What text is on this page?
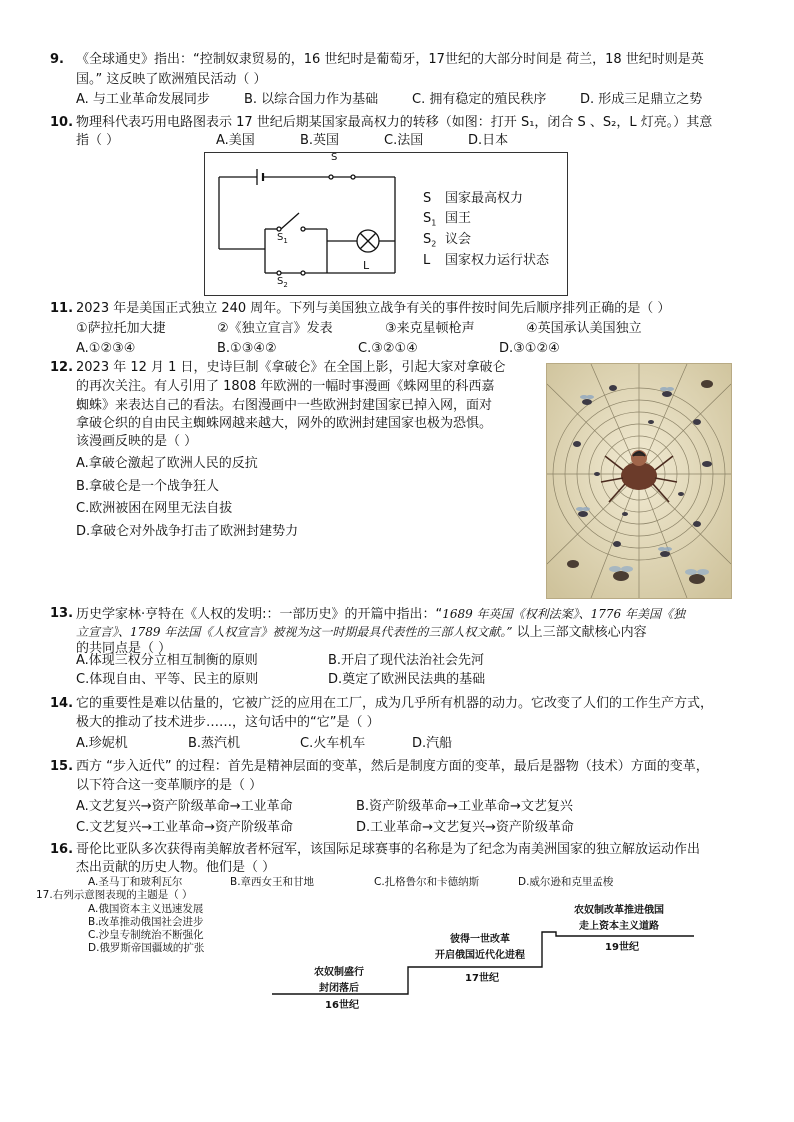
9. 《全球通史》指出：“控制奴隶贸易的，16 世纪时是葡萄牙，17世纪的大部分时间是 荷兰，18 世纪时则是英
国。” 这反映了欧洲殖民活动（ ）
A. 与工业革命发展同步	B. 以综合国力作为基础	C. 拥有稳定的殖民秩序	D. 形成三足鼎立之势
10. 物理科代表巧用电路图表示 17 世纪后期某国家最高权力的转移（如图：打开 S₁，闭合 S 、S₂，L 灯亮。）其意
指（ ）	A.美国	B.英国	C.法国	D.日本
S
$S_1$
$S_2$
L
S 国家最高权力
$S_1$ 国王
$S_2$ 议会
L 国家权力运行状态
11. 2023 年是美国正式独立 240 周年。下列与美国独立战争有关的事件按时间先后顺序排列正确的是（ ）
①萨拉托加大捷	②《独立宣言》发表	③来克星顿枪声	④英国承认美国独立
A.①②③④	B.①③④②	C.③②①④	D.③①②④
12. 2023 年 12 月 1 日，史诗巨制《拿破仑》在全国上影，引起大家对拿破仑
的再次关注。有人引用了 1808 年欧洲的一幅时事漫画《蛛网里的科西嘉
蜘蛛》来表达自己的看法。右图漫画中一些欧洲封建国家已掉入网，面对
拿破仑织的自由民主蜘蛛网越来越大，网外的欧洲封建国家也极为恐惧。
该漫画反映的是（ ）
A.拿破仑激起了欧洲人民的反抗
B.拿破仑是一个战争狂人
C.欧洲被困在网里无法自拔
D.拿破仑对外战争打击了欧洲封建势力
13. 历史学家林·亨特在《人权的发明:：一部历史》的开篇中指出：“1689 年英国《权利法案》、1776 年美国《独
立宣言》、1789 年法国《人权宣言》被视为这一时期最具代表性的三部人权文献。” 以上三部文献核心内容
的共同点是（ ）
A.体现三权分立相互制衡的原则	B.开启了现代法治社会先河
C.体现自由、平等、民主的原则	D.奠定了欧洲民法典的基础
14. 它的重要性是难以估量的，它被广泛的应用在工厂，成为几乎所有机器的动力。它改变了人们的工作生产方式，
极大的推动了技术进步……，这句话中的“它”是（ ）
A.珍妮机	B.蒸汽机	C.火车机车	D.汽船
15. 西方 “步入近代” 的过程：首先是精神层面的变革，然后是制度方面的变革，最后是器物（技术）方面的变革，
以下符合这一变革顺序的是（ ）
A.文艺复兴→资产阶级革命→工业革命	B.资产阶级革命→工业革命→文艺复兴
C.文艺复兴→工业革命→资产阶级革命	D.工业革命→文艺复兴→资产阶级革命
16. 哥伦比亚队多次获得南美解放者杯冠军，该国际足球赛事的名称是为了纪念为南美洲国家的独立解放运动作出
杰出贡献的历史人物。他们是（ ）
A.圣马丁和玻利瓦尔	B.章西女王和甘地	C.扎格鲁尔和卡德纳斯	D.威尔逊和克里孟梭
17.右列示意图表现的主题是（ ）
A.俄国资本主义迅速发展
B.改革推动俄国社会进步
C.沙皇专制统治不断强化
D.俄罗斯帝国疆域的扩张
农奴制盛行
封闭落后
16世纪
彼得一世改革
开启俄国近代化进程
17世纪
农奴制改革推进俄国
走上资本主义道路
19世纪
